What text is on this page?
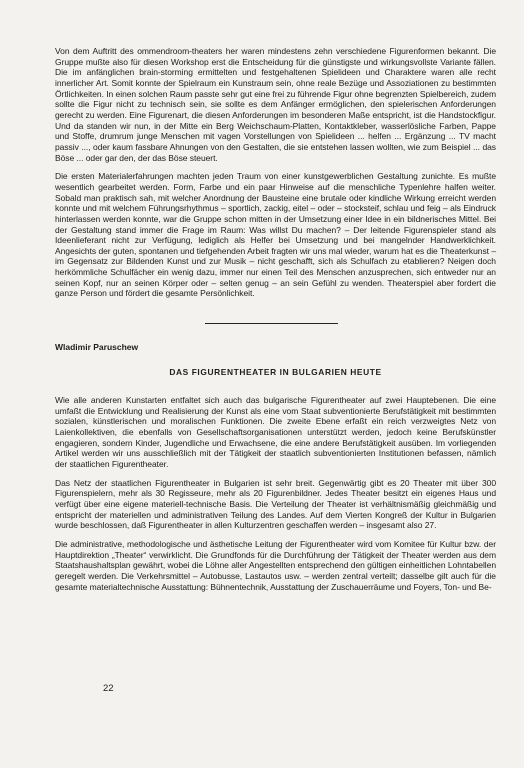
Von dem Auftritt des ommendroom-theaters her waren mindestens zehn verschiedene Figurenformen bekannt. Die Gruppe mußte also für diesen Workshop erst die Entscheidung für die günstigste und wirkungsvollste Variante fällen. Die im anfänglichen brain-storming ermittelten und festgehaltenen Spielideen und Charaktere waren alle recht innerlicher Art. Somit konnte der Spielraum ein Kunstraum sein, ohne reale Bezüge und Assoziationen zu bestimmten Örtlichkeiten. In einen solchen Raum passte sehr gut eine frei zu führende Figur ohne begrenzten Spielbereich, zudem sollte die Figur nicht zu technisch sein, sie sollte es dem Anfänger ermöglichen, den spielerischen Anforderungen gerecht zu werden. Eine Figurenart, die diesen Anforderungen im besonderen Maße entspricht, ist die Handstockfigur. Und da standen wir nun, in der Mitte ein Berg Weichschaum-Platten, Kontaktkleber, wasserlösliche Farben, Pappe und Stoffe, drumrum junge Menschen mit vagen Vorstellungen von Spielideen ... helfen ... Ergänzung ... TV macht passiv ..., oder kaum fassbare Ahnungen von den Gestalten, die sie entstehen lassen wollten, wie zum Beispiel ... das Böse ... oder gar den, der das Böse steuert.

Die ersten Materialerfahrungen machten jeden Traum von einer kunstgewerblichen Gestaltung zunichte. Es mußte wesentlich gearbeitet werden. Form, Farbe und ein paar Hinweise auf die menschliche Typenlehre halfen weiter. Sobald man praktisch sah, mit welcher Anordnung der Bausteine eine brutale oder kindliche Wirkung erreicht werden konnte und mit welchem Führungsrhythmus – sportlich, zackig, eitel – oder – stocksteif, schlau und feig – als Eindruck hinterlassen werden konnte, war die Gruppe schon mitten in der Umsetzung einer Idee in ein bildnerisches Mittel. Bei der Gestaltung stand immer die Frage im Raum: Was willst Du machen? – Der leitende Figurenspieler stand als Ideenlieferant nicht zur Verfügung, lediglich als Helfer bei Umsetzung und bei mangelnder Handwerklichkeit. Angesichts der guten, spontanen und tiefgehenden Arbeit fragten wir uns mal wieder, warum hat es die Theaterkunst – im Gegensatz zur Bildenden Kunst und zur Musik – nicht geschafft, sich als Schulfach zu etablieren? Neigen doch herkömmliche Schulfächer ein wenig dazu, immer nur einen Teil des Menschen anzusprechen, sich entweder nur an seinen Kopf, nur an seinen Körper oder – selten genug – an sein Gefühl zu wenden. Theaterspiel aber fordert die ganze Person und fördert die gesamte Persönlichkeit.

Wladimir Paruschew
DAS FIGURENTHEATER IN BULGARIEN HEUTE

Wie alle anderen Kunstarten entfaltet sich auch das bulgarische Figurentheater auf zwei Hauptebenen. Die eine umfaßt die Entwicklung und Realisierung der Kunst als eine vom Staat subventionierte Berufstätigkeit mit bestimmten sozialen, künstlerischen und moralischen Funktionen. Die zweite Ebene erfaßt ein reich verzweigtes Netz von Laienkollektiven, die ebenfalls von Gesellschaftsorganisationen unterstützt werden, jedoch keine Berufskünstler engagieren, sondern Kinder, Jugendliche und Erwachsene, die eine andere Berufstätigkeit ausüben. Im vorliegenden Artikel werden wir uns ausschließlich mit der Tätigkeit der staatlich subventionierten Institutionen befassen, nämlich der staatlichen Figurentheater.

Das Netz der staatlichen Figurentheater in Bulgarien ist sehr breit. Gegenwärtig gibt es 20 Theater mit über 300 Figurenspielern, mehr als 30 Regisseure, mehr als 20 Figurenbildner. Jedes Theater besitzt ein eigenes Haus und verfügt über eine eigene materiell-technische Basis. Die Verteilung der Theater ist verhältnismäßig gleichmäßig und entspricht der materiellen und administrativen Teilung des Landes. Auf dem Vierten Kongreß der Kultur in Bulgarien wurde beschlossen, daß Figurentheater in allen Kulturzentren geschaffen werden – insgesamt also 27.

Die administrative, methodologische und ästhetische Leitung der Figurentheater wird vom Komitee für Kultur bzw. der Hauptdirektion „Theater“ verwirklicht. Die Grundfonds für die Durchführung der Tätigkeit der Theater werden aus dem Staatshaushaltsplan gewährt, wobei die Löhne aller Angestellten entsprechend den gültigen einheitlichen Lohntabellen geregelt werden. Die Verkehrsmittel – Autobusse, Lastautos usw. – werden zentral verteilt; dasselbe gilt auch für die gesamte materialtechnische Ausstattung: Bühnentechnik, Ausstattung der Zuschauerräume und Foyers, Ton- und Be-

22
